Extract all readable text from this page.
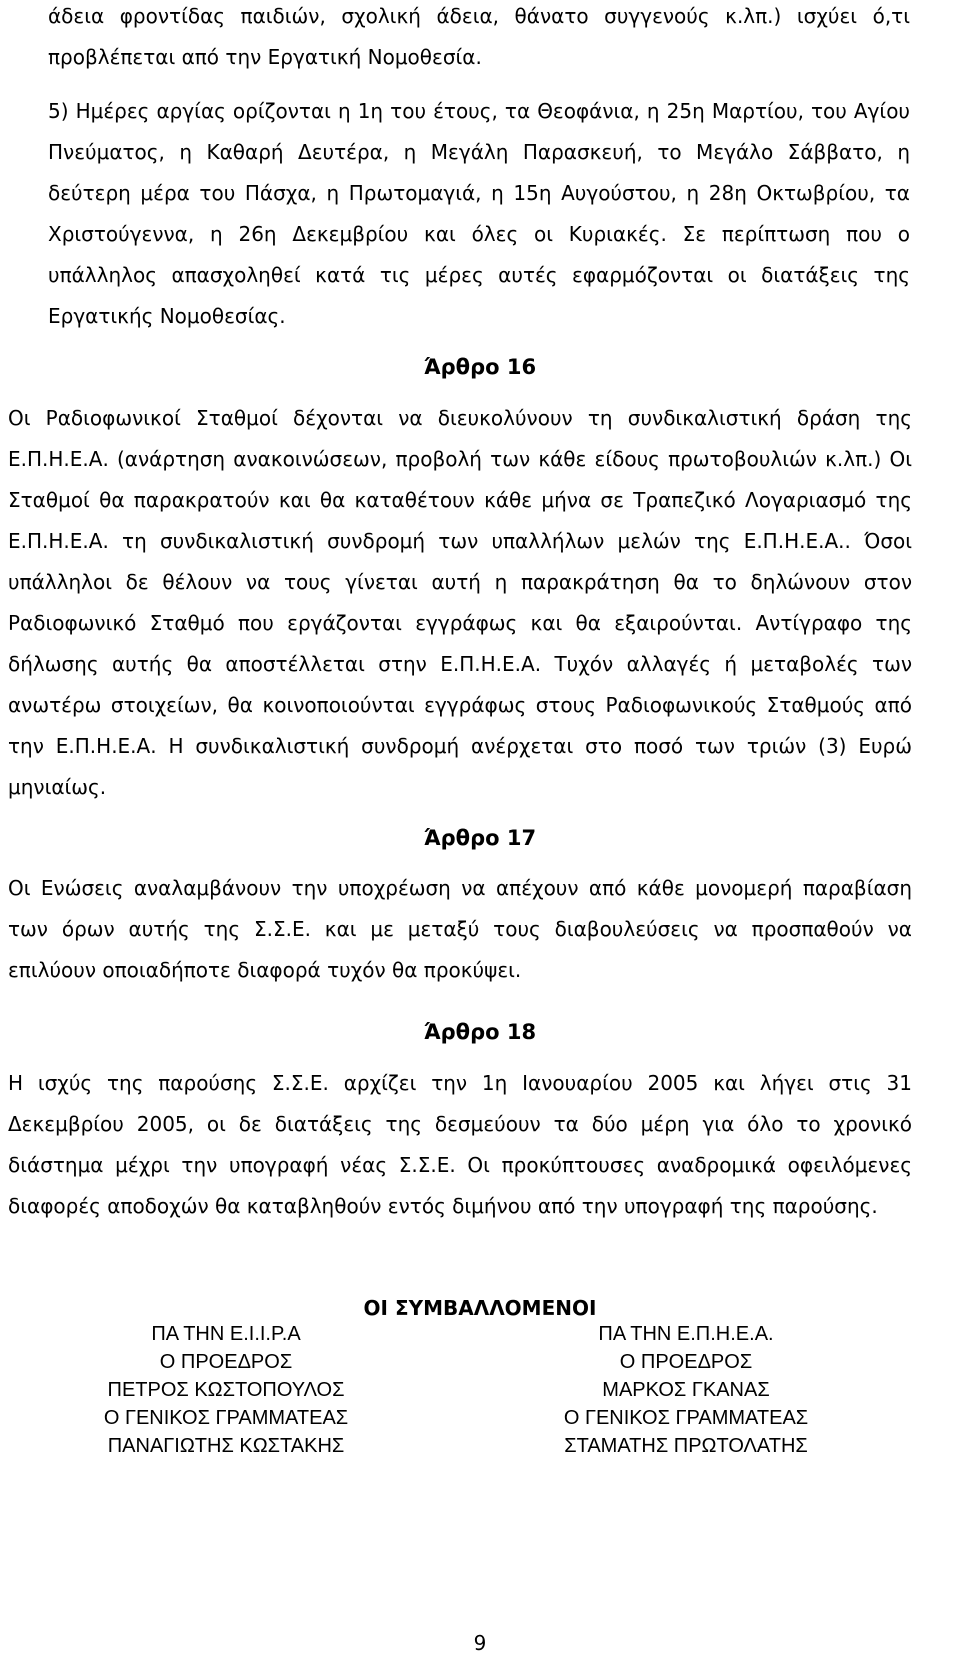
άδεια φροντίδας παιδιών, σχολική άδεια, θάνατο συγγενούς κ.λπ.) ισχύει ό,τι προβλέπεται από την Εργατική Νομοθεσία.

5) Ημέρες αργίας ορίζονται η 1η του έτους, τα Θεοφάνια, η 25η Μαρτίου, του Αγίου Πνεύματος, η Καθαρή Δευτέρα, η Μεγάλη Παρασκευή, το Μεγάλο Σάββατο, η δεύτερη μέρα του Πάσχα, η Πρωτομαγιά, η 15η Αυγούστου, η 28η Οκτωβρίου, τα Χριστούγεννα, η 26η Δεκεμβρίου και όλες οι Κυριακές. Σε περίπτωση που ο υπάλληλος απασχοληθεί κατά τις μέρες αυτές εφαρμόζονται οι διατάξεις της Εργατικής Νομοθεσίας.

Άρθρο 16

Οι Ραδιοφωνικοί Σταθμοί δέχονται να διευκολύνουν τη συνδικαλιστική δράση της Ε.Π.Η.Ε.Α. (ανάρτηση ανακοινώσεων, προβολή των κάθε είδους πρωτοβουλιών κ.λπ.) Οι Σταθμοί θα παρακρατούν και θα καταθέτουν κάθε μήνα σε Τραπεζικό Λογαριασμό της Ε.Π.Η.Ε.Α. τη συνδικαλιστική συνδρομή των υπαλλήλων μελών της Ε.Π.Η.Ε.Α.. Όσοι υπάλληλοι δε θέλουν να τους γίνεται αυτή η παρακράτηση θα το δηλώνουν στον Ραδιοφωνικό Σταθμό που εργάζονται εγγράφως και θα εξαιρούνται. Αντίγραφο της δήλωσης αυτής θα αποστέλλεται στην Ε.Π.Η.Ε.Α. Τυχόν αλλαγές ή μεταβολές των ανωτέρω στοιχείων, θα κοινοποιούνται εγγράφως στους Ραδιοφωνικούς Σταθμούς από την Ε.Π.Η.Ε.Α. Η συνδικαλιστική συνδρομή ανέρχεται στο ποσό των τριών (3) Ευρώ μηνιαίως.

Άρθρο 17

Οι Ενώσεις αναλαμβάνουν την υποχρέωση να απέχουν από κάθε μονομερή παραβίαση των όρων αυτής της Σ.Σ.Ε. και με μεταξύ τους διαβουλεύσεις να προσπαθούν να επιλύουν οποιαδήποτε διαφορά τυχόν θα προκύψει.

Άρθρο 18

Η ισχύς της παρούσης Σ.Σ.Ε. αρχίζει την 1η Ιανουαρίου 2005 και λήγει στις 31 Δεκεμβρίου 2005, οι δε διατάξεις της δεσμεύουν τα δύο μέρη για όλο το χρονικό διάστημα μέχρι την υπογραφή νέας Σ.Σ.Ε. Οι προκύπτουσες αναδρομικά οφειλόμενες διαφορές αποδοχών θα καταβληθούν εντός διμήνου από την υπογραφή της παρούσης.

ΟΙ ΣΥΜΒΑΛΛΟΜΕΝΟΙ
ΠΑ ΤΗΝ Ε.Ι.Ι.Ρ.Α
Ο ΠΡΟΕΔΡΟΣ
ΠΕΤΡΟΣ ΚΩΣΤΟΠΟΥΛΟΣ
Ο ΓΕΝΙΚΟΣ ΓΡΑΜΜΑΤΕΑΣ
ΠΑΝΑΓΙΩΤΗΣ ΚΩΣΤΑΚΗΣ
ΠΑ ΤΗΝ Ε.Π.Η.Ε.Α.
Ο ΠΡΟΕΔΡΟΣ
ΜΑΡΚΟΣ ΓΚΑΝΑΣ
Ο ΓΕΝΙΚΟΣ ΓΡΑΜΜΑΤΕΑΣ
ΣΤΑΜΑΤΗΣ ΠΡΩΤΟΛΑΤΗΣ
9
